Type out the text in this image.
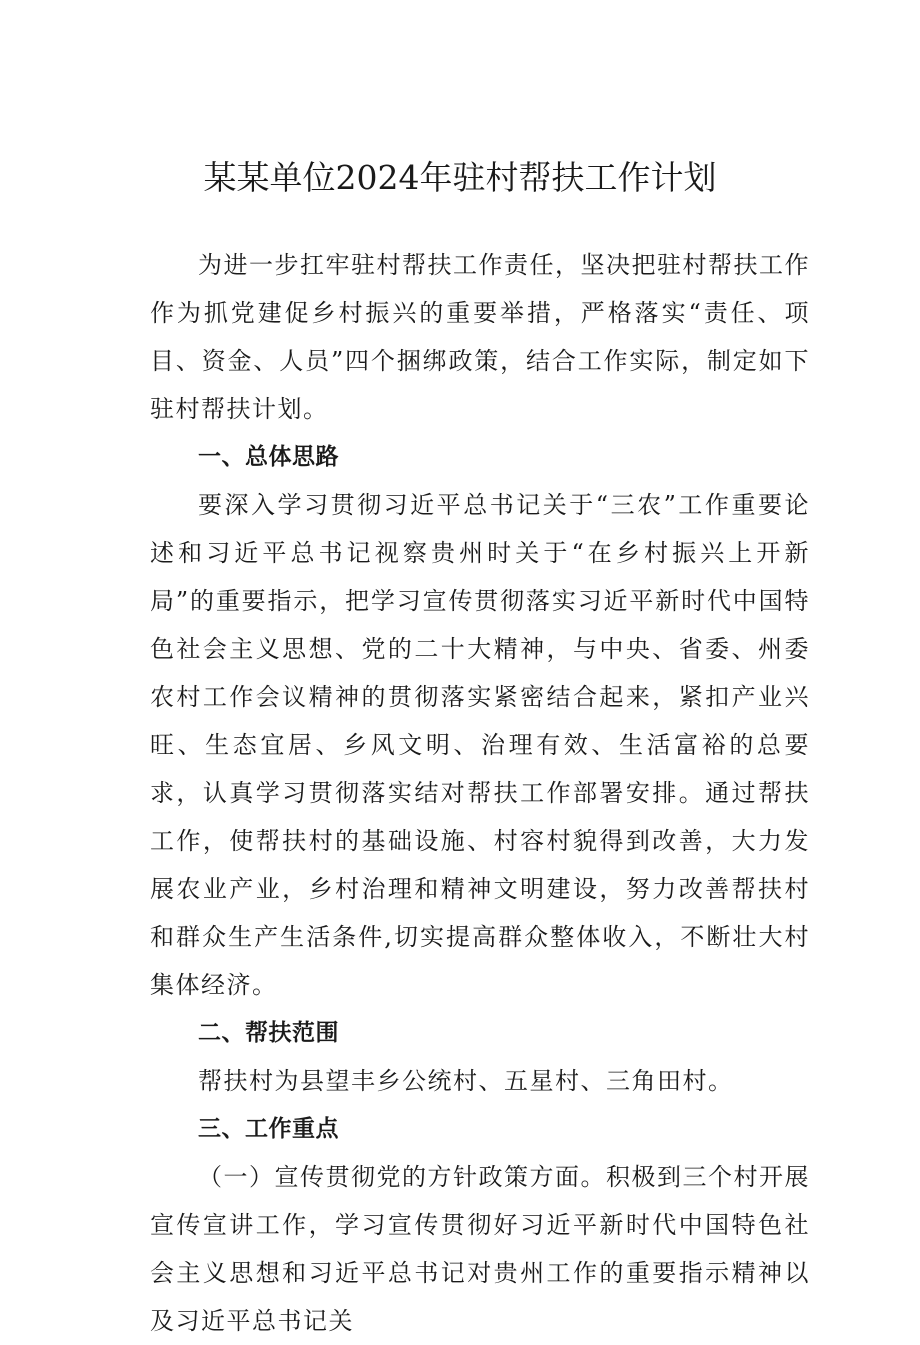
某某单位2024年驻村帮扶工作计划

为进一步扛牢驻村帮扶工作责任，坚决把驻村帮扶工作作为抓党建促乡村振兴的重要举措，严格落实“责任、项目、资金、人员”四个捆绑政策，结合工作实际，制定如下驻村帮扶计划。

一、总体思路

要深入学习贯彻习近平总书记关于“三农”工作重要论述和习近平总书记视察贵州时关于“在乡村振兴上开新局”的重要指示，把学习宣传贯彻落实习近平新时代中国特色社会主义思想、党的二十大精神，与中央、省委、州委农村工作会议精神的贯彻落实紧密结合起来，紧扣产业兴旺、生态宜居、乡风文明、治理有效、生活富裕的总要求，认真学习贯彻落实结对帮扶工作部署安排。通过帮扶工作，使帮扶村的基础设施、村容村貌得到改善，大力发展农业产业，乡村治理和精神文明建设，努力改善帮扶村和群众生产生活条件,切实提高群众整体收入，不断壮大村集体经济。

二、帮扶范围

帮扶村为县望丰乡公统村、五星村、三角田村。

三、工作重点

（一）宣传贯彻党的方针政策方面。积极到三个村开展宣传宣讲工作，学习宣传贯彻好习近平新时代中国特色社会主义思想和习近平总书记对贵州工作的重要指示精神以及习近平总书记关
